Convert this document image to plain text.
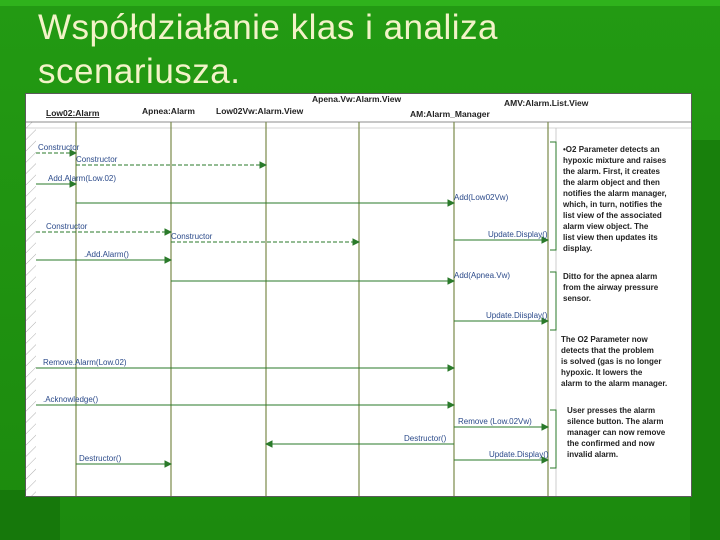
Współdziałanie klas i analiza scenariusza.
Low02:Alarm	Apnea:Alarm Low02Vw:Alarm.View
Apena.Vw:Alarm.View
AM:Alarm_Manager
AMV:Alarm.List.View
Constructor
Constructor
Add.Alarm(Low.02)
Add(Low02Vw)
Update.Display()
Constructor
Constructor
.Add.Alarm()
Add(Apnea.Vw)
Update.Diisplay()
Remove.Alarm(Low.02)
.Acknowledge()
Remove (Low.02Vw)
Destructor()
Destructor()	Update.Display()
•O2 Parameter detects an
hypoxic mixture and raises
the alarm. First, it creates
the alarm object and then
notifies the alarm manager,
which, in turn, notifies the
list view of the associated
alarm view object. The
list view then updates its
display.
Ditto for the apnea alarm
from the airway pressure
sensor.
The O2 Parameter now
detects that the problem
is solved (gas is no longer
hypoxic. It lowers the
alarm to the alarm manager.
User presses the alarm
silence button. The alarm
manager can now remove
the confirmed and now
invalid alarm.
